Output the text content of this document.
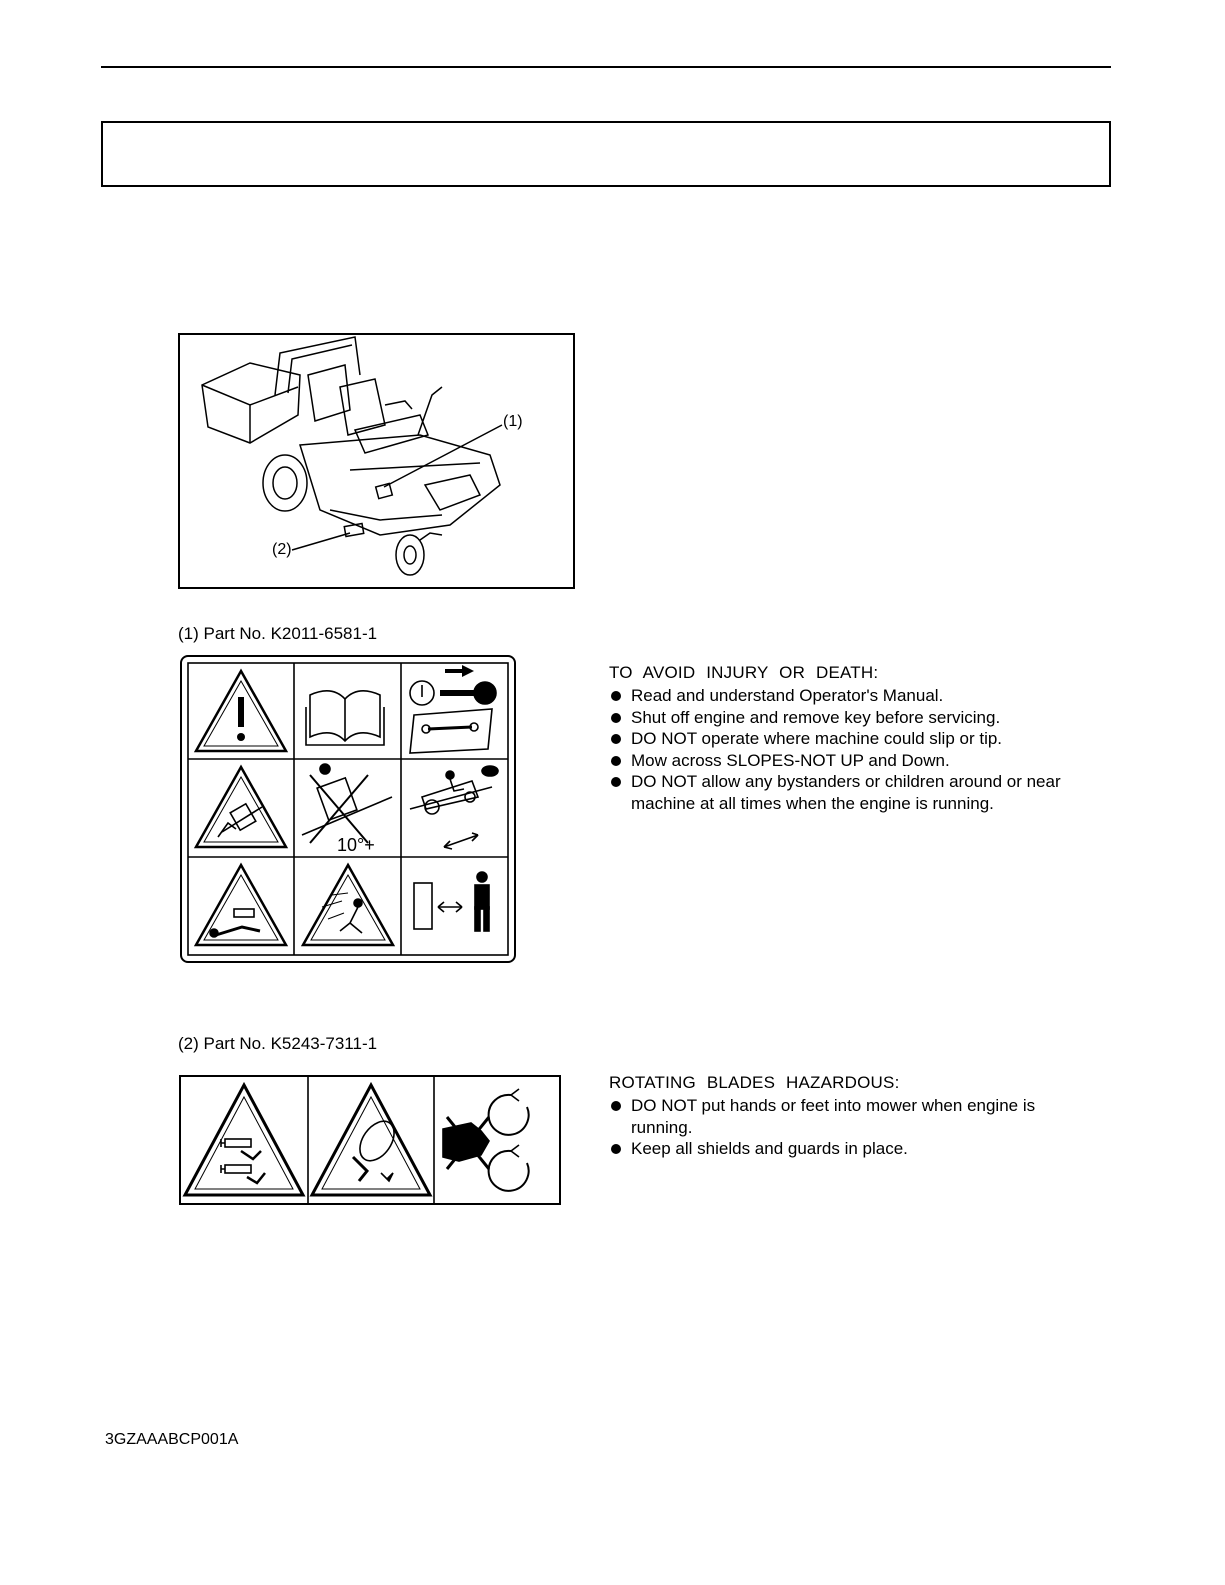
(1)
(2)
(1) Part No. K2011-6581-1
10°+
TO AVOID INJURY OR DEATH:
Read and understand Operator's Manual.
Shut off engine and remove key before servicing.
DO NOT operate where machine could slip or tip.
Mow across SLOPES-NOT UP and Down.
DO NOT allow any bystanders or children around or near machine at all times when the engine is running.
(2) Part No. K5243-7311-1
ROTATING BLADES HAZARDOUS:
DO NOT put hands or feet into mower when engine is running.
Keep all shields and guards in place.
3GZAAABCP001A
